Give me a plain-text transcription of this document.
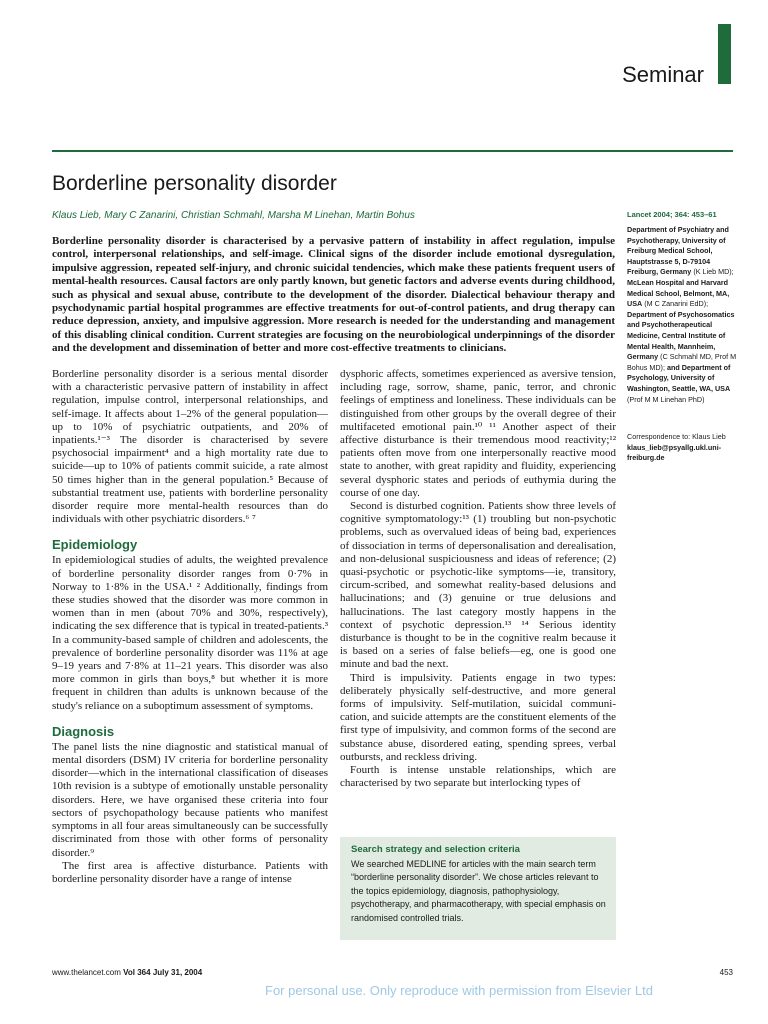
Seminar
Borderline personality disorder
Klaus Lieb, Mary C Zanarini, Christian Schmahl, Marsha M Linehan, Martin Bohus

Borderline personality disorder is characterised by a pervasive pattern of instability in affect regulation, impulse control, interpersonal relationships, and self-image. Clinical signs of the disorder include emotional dysregulation, impulsive aggression, repeated self-injury, and chronic suicidal tendencies, which make these patients frequent users of mental-health resources. Causal factors are only partly known, but genetic factors and adverse events during childhood, such as physical and sexual abuse, contribute to the development of the disorder. Dialectical behaviour therapy and psychodynamic partial hospital programmes are effective treatments for out-of-control patients, and drug therapy can reduce depression, anxiety, and impulsive aggression. More research is needed for the understanding and management of this disabling clinical condition. Current strategies are focusing on the neurobiological underpinnings of the disorder and the development and dissemination of better and more cost-effective treatments to clinicians.

Borderline personality disorder is a serious mental disorder with a characteristic pervasive pattern of instability in affect regulation, impulse control, interpersonal relationships, and self-image. It affects about 1–2% of the general population—up to 10% of psychiatric outpatients, and 20% of inpatients.¹⁻³ The disorder is characterised by severe psychosocial impairment⁴ and a high mortality rate due to suicide—up to 10% of patients commit suicide, a rate almost 50 times higher than in the general population.⁵ Because of substantial treatment use, patients with borderline personality disorder require more mental-health resources than do individuals with other psychiatric disorders.⁶ ⁷

Epidemiology

In epidemiological studies of adults, the weighted prevalence of borderline personality disorder ranges from 0·7% in Norway to 1·8% in the USA.¹ ² Additionally, findings from these studies showed that the disorder was more common in women than in men (about 70% and 30%, respectively), indicating the sex difference that is typical in treated-patients.³ In a community-based sample of children and adolescents, the prevalence of borderline personality disorder was 11% at age 9–19 years and 7·8% at 11–21 years. This disorder was also more common in girls than boys,⁸ but whether it is more frequent in children than adults is unknown because of the study's reliance on a suboptimum assessment of symptoms.

Diagnosis

The panel lists the nine diagnostic and statistical manual of mental disorders (DSM) IV criteria for borderline personality disorder—which in the international classification of diseases 10th revision is a subtype of emotionally unstable personality disorders. Here, we have organised these criteria into four sectors of psychopathology because patients who manifest symptoms in all four areas simultaneously can be successfully discriminated from those with other forms of personality disorder.⁹

The first area is affective disturbance. Patients with borderline personality disorder have a range of intense

dysphoric affects, sometimes experienced as aversive tension, including rage, sorrow, shame, panic, terror, and chronic feelings of emptiness and loneliness. These individuals can be distinguished from other groups by the overall degree of their multifaceted emotional pain.¹⁰ ¹¹ Another aspect of their affective disturbance is their tremendous mood reactivity;¹² patients often move from one interpersonally reactive mood state to another, with great rapidity and fluidity, experiencing several dysphoric states and periods of euthymia during the course of one day.

Second is disturbed cognition. Patients show three levels of cognitive symptomatology:¹³ (1) troubling but non-psychotic problems, such as overvalued ideas of being bad, experiences of dissociation in terms of depersonalisation and derealisation, and non-delusional suspiciousness and ideas of reference; (2) quasi-psychotic or psychotic-like symptoms—ie, transitory, circum-scribed, and somewhat reality-based delusions and hallucinations; and (3) genuine or true delusions and hallucinations. The last category mostly happens in the context of psychotic depression.¹³ ¹⁴ Serious identity disturbance is thought to be in the cognitive realm because it is based on a series of false beliefs—eg, one is good one minute and bad the next.

Third is impulsivity. Patients engage in two types: deliberately physically self-destructive, and more general forms of impulsivity. Self-mutilation, suicidal communi-cation, and suicide attempts are the constituent elements of the first type of impulsivity, and common forms of the second are substance abuse, disordered eating, spending sprees, verbal outbursts, and reckless driving.

Fourth is intense unstable relationships, which are characterised by two separate but interlocking types of

Search strategy and selection criteria

We searched MEDLINE for articles with the main search term “borderline personality disorder”. We chose articles relevant to the topics epidemiology, diagnosis, pathophysiology, psychotherapy, and pharmacotherapy, with special emphasis on randomised controlled trials.

Lancet 2004; 364: 453–61
Department of Psychiatry and Psychotherapy, University of Freiburg Medical School, Hauptstrasse 5, D-79104 Freiburg, Germany (K Lieb MD); McLean Hospital and Harvard Medical School, Belmont, MA, USA (M C Zanarini EdD); Department of Psychosomatics and Psychotherapeutical Medicine, Central Institute of Mental Health, Mannheim, Germany (C Schmahl MD, Prof M Bohus MD); and Department of Psychology, University of Washington, Seattle, WA, USA (Prof M M Linehan PhD)
Correspondence to: Klaus Lieb
klaus_lieb@psyallg.ukl.uni-freiburg.de
www.thelancet.com Vol 364 July 31, 2004	453
For personal use. Only reproduce with permission from Elsevier Ltd
